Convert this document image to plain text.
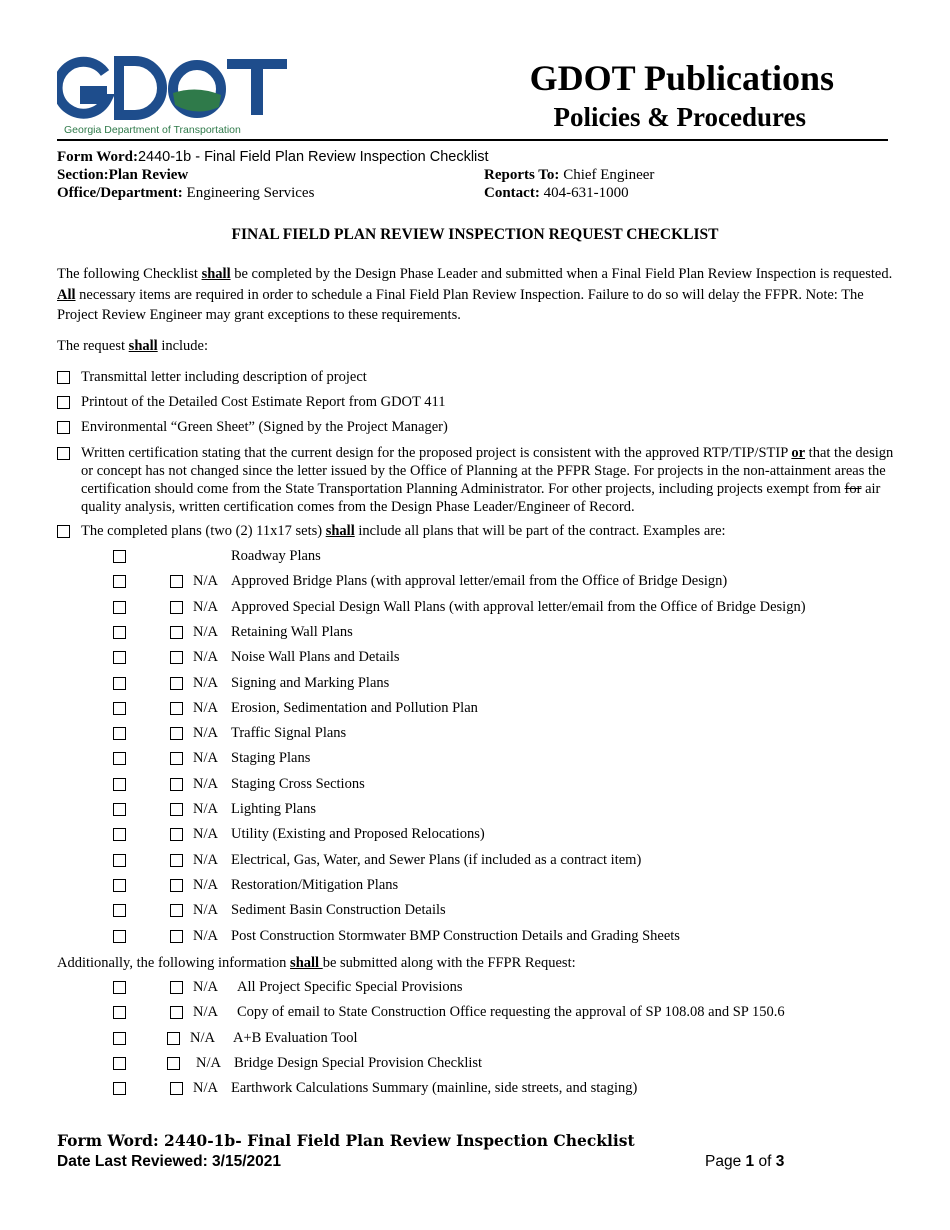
Georgia Department of Transportation
GDOT Publications
Policies & Procedures
Form Word:2440-1b - Final Field Plan Review Inspection Checklist
Section:Plan Review
Office/Department: Engineering Services
Reports To: Chief Engineer
Contact: 404-631-1000
FINAL FIELD PLAN REVIEW INSPECTION REQUEST CHECKLIST
The following Checklist shall be completed by the Design Phase Leader and submitted when a Final Field Plan Review Inspection is requested. All necessary items are required in order to schedule a Final Field Plan Review Inspection. Failure to do so will delay the FFPR. Note: The Project Review Engineer may grant exceptions to these requirements.
The request shall include:
Transmittal letter including description of project
Printout of the Detailed Cost Estimate Report from GDOT 411
Environmental “Green Sheet” (Signed by the Project Manager)
Written certification stating that the current design for the proposed project is consistent with the approved RTP/TIP/STIP or that the design or concept has not changed since the letter issued by the Office of Planning at the PFPR Stage. For projects in the non-attainment areas the certification should come from the State Transportation Planning Administrator. For other projects, including projects exempt from for air quality analysis, written certification comes from the Design Phase Leader/Engineer of Record.
The completed plans (two (2) 11x17 sets) shall include all plans that will be part of the contract. Examples are:
Roadway Plans
N/A Approved Bridge Plans (with approval letter/email from the Office of Bridge Design)
N/A Approved Special Design Wall Plans (with approval letter/email from the Office of Bridge Design)
N/A Retaining Wall Plans
N/A Noise Wall Plans and Details
N/A Signing and Marking Plans
N/A Erosion, Sedimentation and Pollution Plan
N/A Traffic Signal Plans
N/A Staging Plans
N/A Staging Cross Sections
N/A Lighting Plans
N/A Utility (Existing and Proposed Relocations)
N/A Electrical, Gas, Water, and Sewer Plans (if included as a contract item)
N/A Restoration/Mitigation Plans
N/A Sediment Basin Construction Details
N/A Post Construction Stormwater BMP Construction Details and Grading Sheets
Additionally, the following information shall be submitted along with the FFPR Request:
N/A All Project Specific Special Provisions
N/A Copy of email to State Construction Office requesting the approval of SP 108.08 and SP 150.6
N/A A+B Evaluation Tool
N/A Bridge Design Special Provision Checklist
N/A Earthwork Calculations Summary (mainline, side streets, and staging)
Form Word: 2440-1b- Final Field Plan Review Inspection Checklist
Date Last Reviewed: 3/15/2021	Page 1 of 3
